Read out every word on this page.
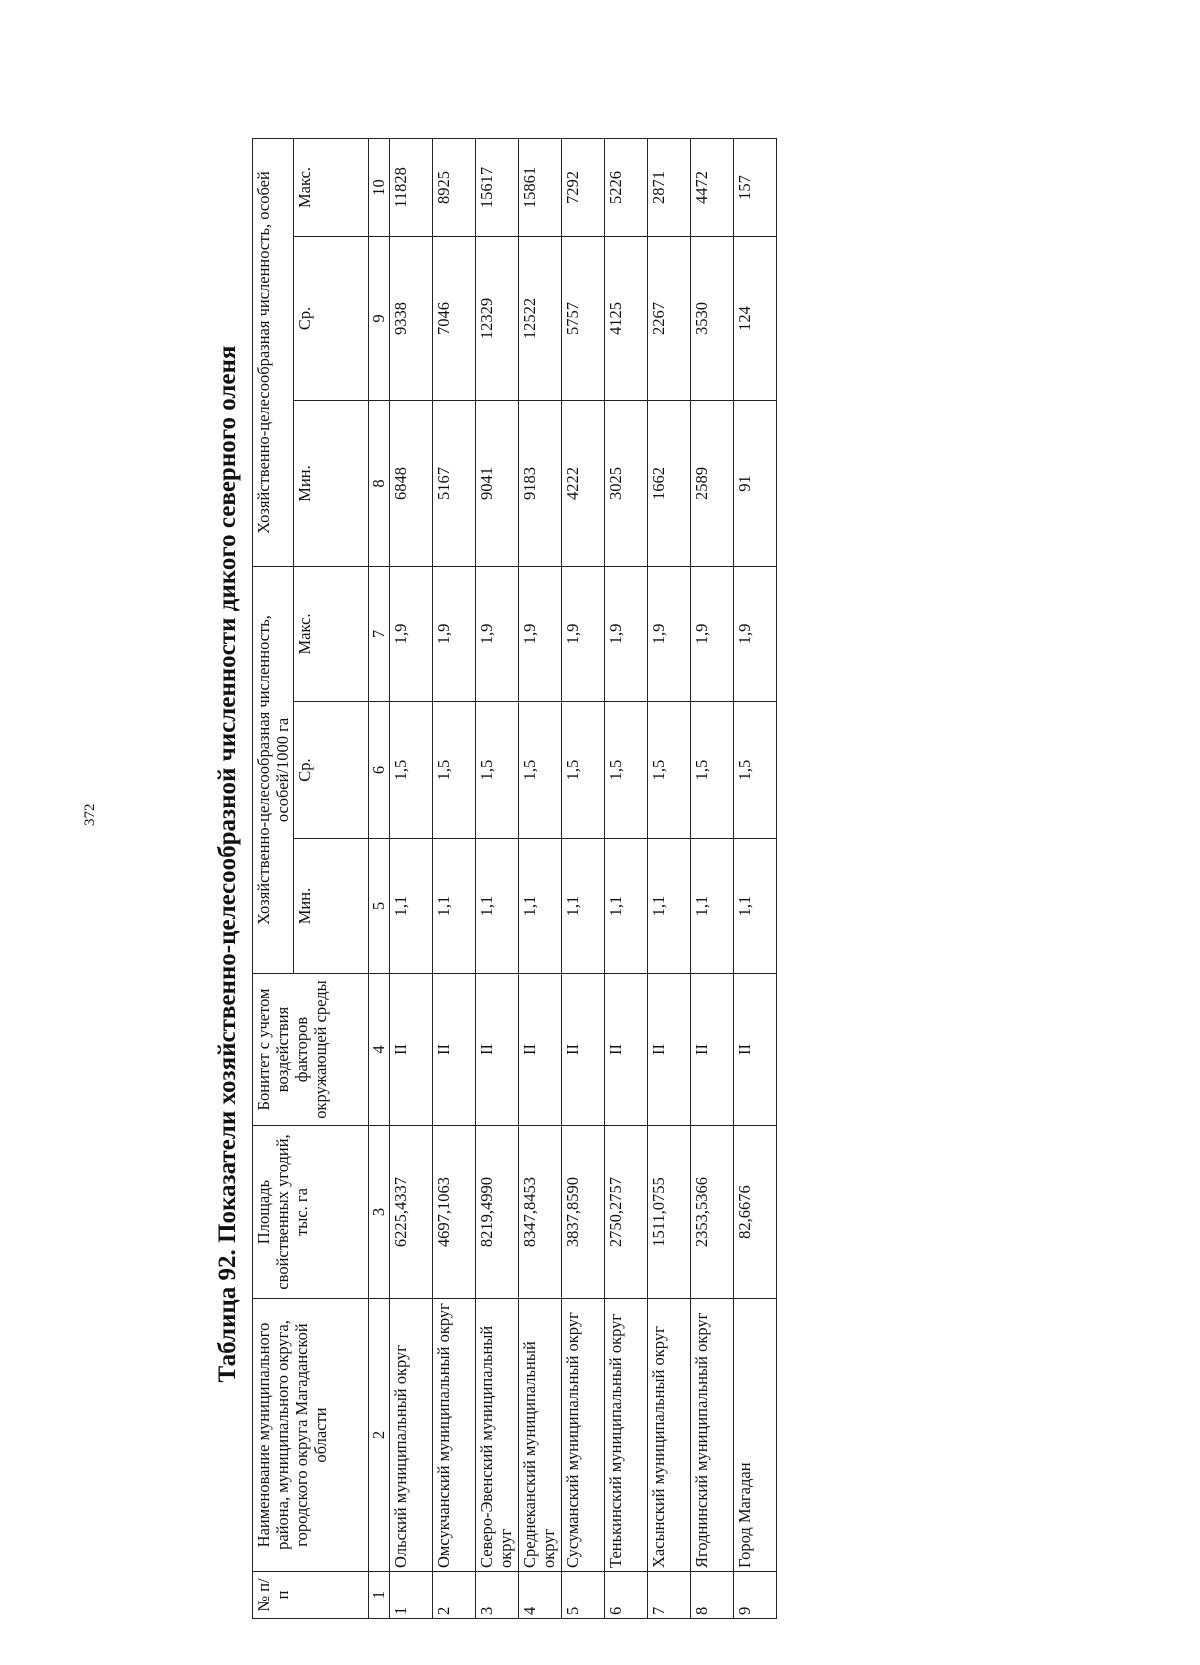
372	Таблица 92. Показатели хозяйственно-целесообразной численности дикого северного оленя
№ п/п	Наименование муниципального района, муниципального округа, городского округа Магаданской области	Площадь свойственных угодий, тыс. га	Бонитет с учетом воздействия факторов окружающей среды	Хозяйственно-целесообразная численность, особей/1000 га			Хозяйственно-целесообразная численность, особей		
				Мин.	Ср.	Макс.	Мин.	Ср.	Макс.
1	2	3	4	5	6	7	8	9	10
1	Ольский муниципальный округ	6225,4337	II	1,1	1,5	1,9	6848	9338	11828
2	Омсукчанский муниципальный округ	4697,1063	II	1,1	1,5	1,9	5167	7046	8925
3	Северо-Эвенский муниципальный округ	8219,4990	II	1,1	1,5	1,9	9041	12329	15617
4	Среднеканский муниципальный округ	8347,8453	II	1,1	1,5	1,9	9183	12522	15861
5	Сусуманский муниципальный округ	3837,8590	II	1,1	1,5	1,9	4222	5757	7292
6	Тенькинский муниципальный округ	2750,2757	II	1,1	1,5	1,9	3025	4125	5226
7	Хасынский муниципальный округ	1511,0755	II	1,1	1,5	1,9	1662	2267	2871
8	Ягоднинский муниципальный округ	2353,5366	II	1,1	1,5	1,9	2589	3530	4472
9	Город Магадан	82,6676	II	1,1	1,5	1,9	91	124	157
